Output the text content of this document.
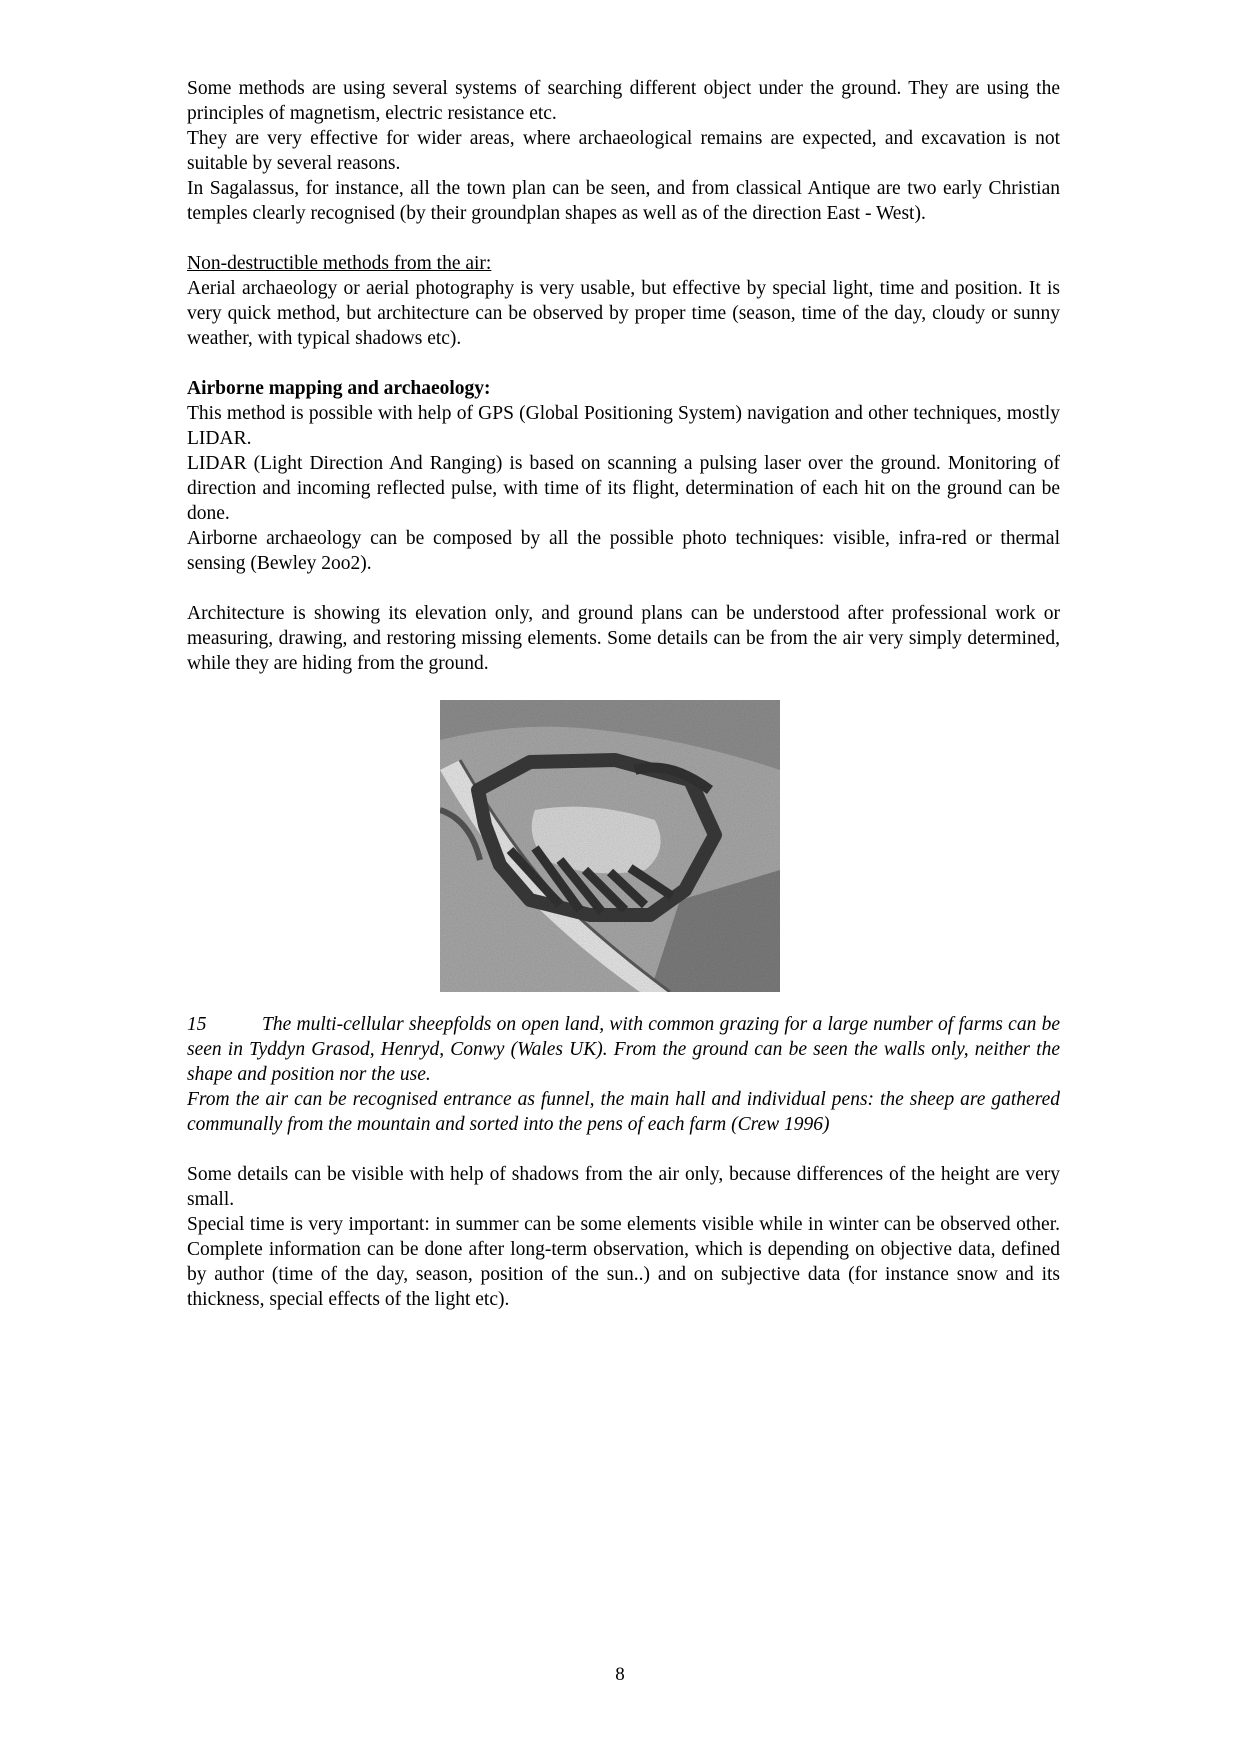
Some methods are using several systems of searching different object under the ground. They are using the principles of magnetism, electric resistance etc.

They are very effective for wider areas, where archaeological remains are expected, and excavation is not suitable by several reasons.

In Sagalassus, for instance, all the town plan can be seen, and from classical Antique are two early Christian temples clearly recognised (by their groundplan shapes as well as of the direction East - West).

Non-destructible methods from the air:

Aerial archaeology or aerial photography is very usable, but effective by special light, time and position. It is very quick method, but architecture can be observed by proper time (season, time of the day, cloudy or sunny weather, with typical shadows etc).

Airborne mapping and archaeology:

This method is possible with help of GPS (Global Positioning System) navigation and other techniques, mostly LIDAR.

LIDAR (Light Direction And Ranging) is based on scanning a pulsing laser over the ground. Monitoring of direction and incoming reflected pulse, with time of its flight, determination of each hit on the ground can be done.

Airborne archaeology can be composed by all the possible photo techniques: visible, infra-red or thermal sensing (Bewley 2oo2).

Architecture is showing its elevation only, and ground plans can be understood after professional work or measuring, drawing, and restoring missing elements. Some details can be from the air very simply determined, while they are hiding from the ground.

15	The multi-cellular sheepfolds on open land, with common grazing for a large number of farms can be seen in Tyddyn Grasod, Henryd, Conwy (Wales UK). From the ground can be seen the walls only, neither the shape and position nor the use.

From the air can be recognised entrance as funnel, the main hall and individual pens: the sheep are gathered communally from the mountain and sorted into the pens of each farm (Crew 1996)

Some details can be visible with help of shadows from the air only, because differences of the height are very small.

Special time is very important: in summer can be some elements visible while in winter can be observed other. Complete information can be done after long-term observation, which is depending on objective data, defined by author (time of the day, season, position of the sun..) and on subjective data (for instance snow and its thickness, special effects of the light etc).

8
